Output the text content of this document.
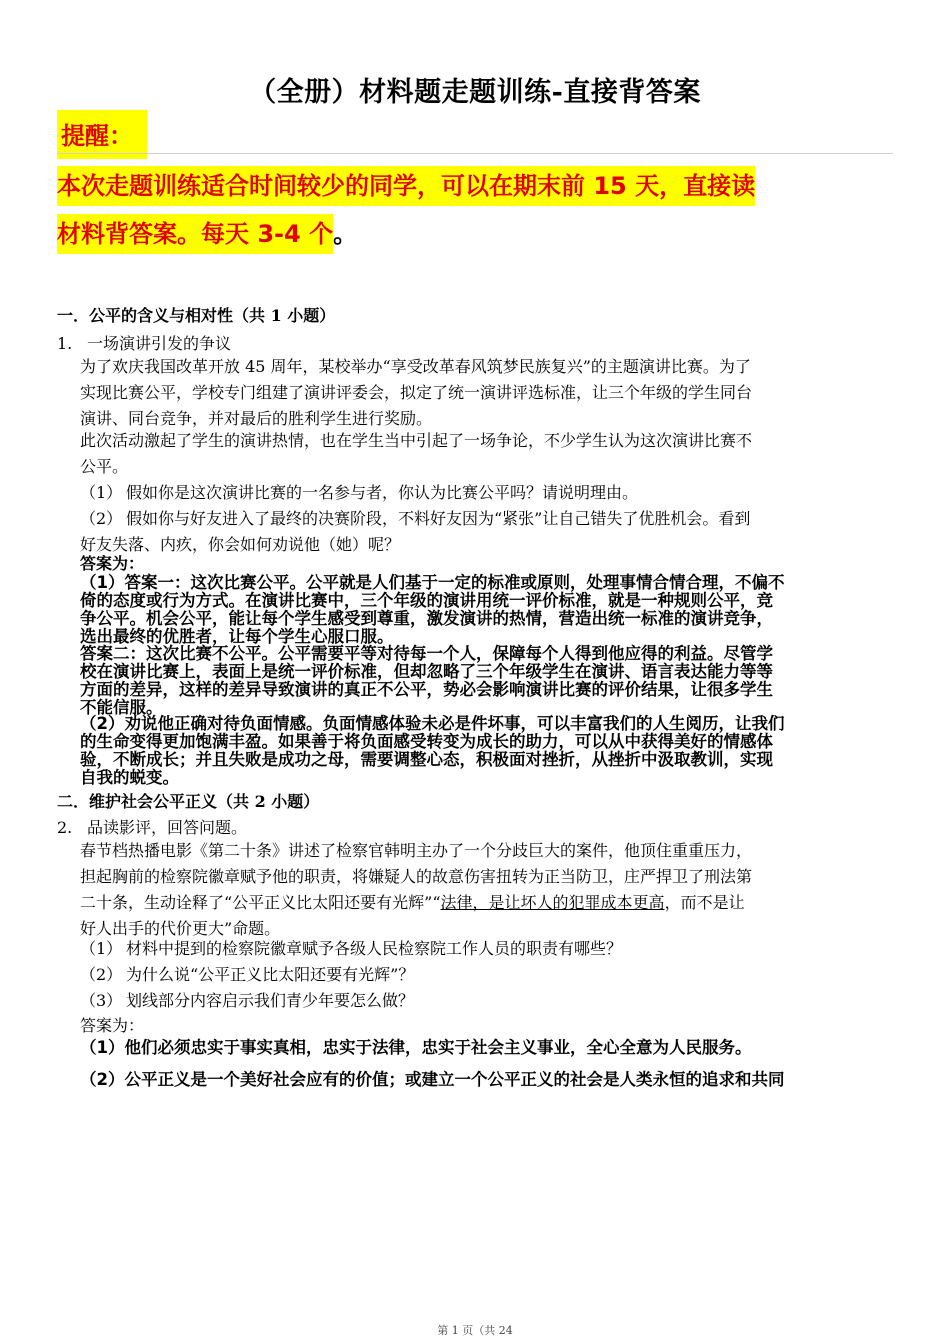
（全册）材料题走题训练-直接背答案
提醒：
本次走题训练适合时间较少的同学，可以在期末前 15 天，直接读
材料背答案。每天 3-4 个。
一．公平的含义与相对性（共 1 小题）
1. 一场演讲引发的争议
为了欢庆我国改革开放 45 周年，某校举办“享受改革春风筑梦民族复兴”的主题演讲比赛。为了
实现比赛公平，学校专门组建了演讲评委会，拟定了统一演讲评选标准，让三个年级的学生同台
演讲、同台竞争，并对最后的胜利学生进行奖励。
此次活动激起了学生的演讲热情，也在学生当中引起了一场争论，不少学生认为这次演讲比赛不
公平。
（1） 假如你是这次演讲比赛的一名参与者，你认为比赛公平吗？请说明理由。
（2） 假如你与好友进入了最终的决赛阶段，不料好友因为“紧张”让自己错失了优胜机会。看到
好友失落、内疚，你会如何劝说他（她）呢？
答案为：
（1）答案一：这次比赛公平。公平就是人们基于一定的标准或原则，处理事情合情合理，不偏不
倚的态度或行为方式。在演讲比赛中，三个年级的演讲用统一评价标准，就是一种规则公平，竞
争公平。机会公平，能让每个学生感受到尊重，激发演讲的热情，营造出统一标准的演讲竞争，
选出最终的优胜者，让每个学生心服口服。
答案二：这次比赛不公平。公平需要平等对待每一个人，保障每个人得到他应得的利益。尽管学
校在演讲比赛上，表面上是统一评价标准，但却忽略了三个年级学生在演讲、语言表达能力等等
方面的差异，这样的差异导致演讲的真正不公平，势必会影响演讲比赛的评价结果，让很多学生
不能信服。
（2）劝说他正确对待负面情感。负面情感体验未必是件坏事，可以丰富我们的人生阅历，让我们
的生命变得更加饱满丰盈。如果善于将负面感受转变为成长的助力，可以从中获得美好的情感体
验，不断成长；并且失败是成功之母，需要调整心态，积极面对挫折，从挫折中汲取教训，实现
自我的蜕变。
二．维护社会公平正义（共 2 小题）
2. 品读影评，回答问题。
春节档热播电影《第二十条》讲述了检察官韩明主办了一个分歧巨大的案件，他顶住重重压力，
担起胸前的检察院徽章赋予他的职责，将嫌疑人的故意伤害扭转为正当防卫，庄严捍卫了刑法第
二十条，生动诠释了“公平正义比太阳还要有光辉”“法律，是让坏人的犯罪成本更高，而不是让
好人出手的代价更大”命题。
（1） 材料中提到的检察院徽章赋予各级人民检察院工作人员的职责有哪些？
（2） 为什么说“公平正义比太阳还要有光辉”？
（3） 划线部分内容启示我们青少年要怎么做？
答案为：
（1）他们必须忠实于事实真相，忠实于法律，忠实于社会主义事业，全心全意为人民服务。
（2）公平正义是一个美好社会应有的价值；或建立一个公平正义的社会是人类永恒的追求和共同
第 1 页（共 24
